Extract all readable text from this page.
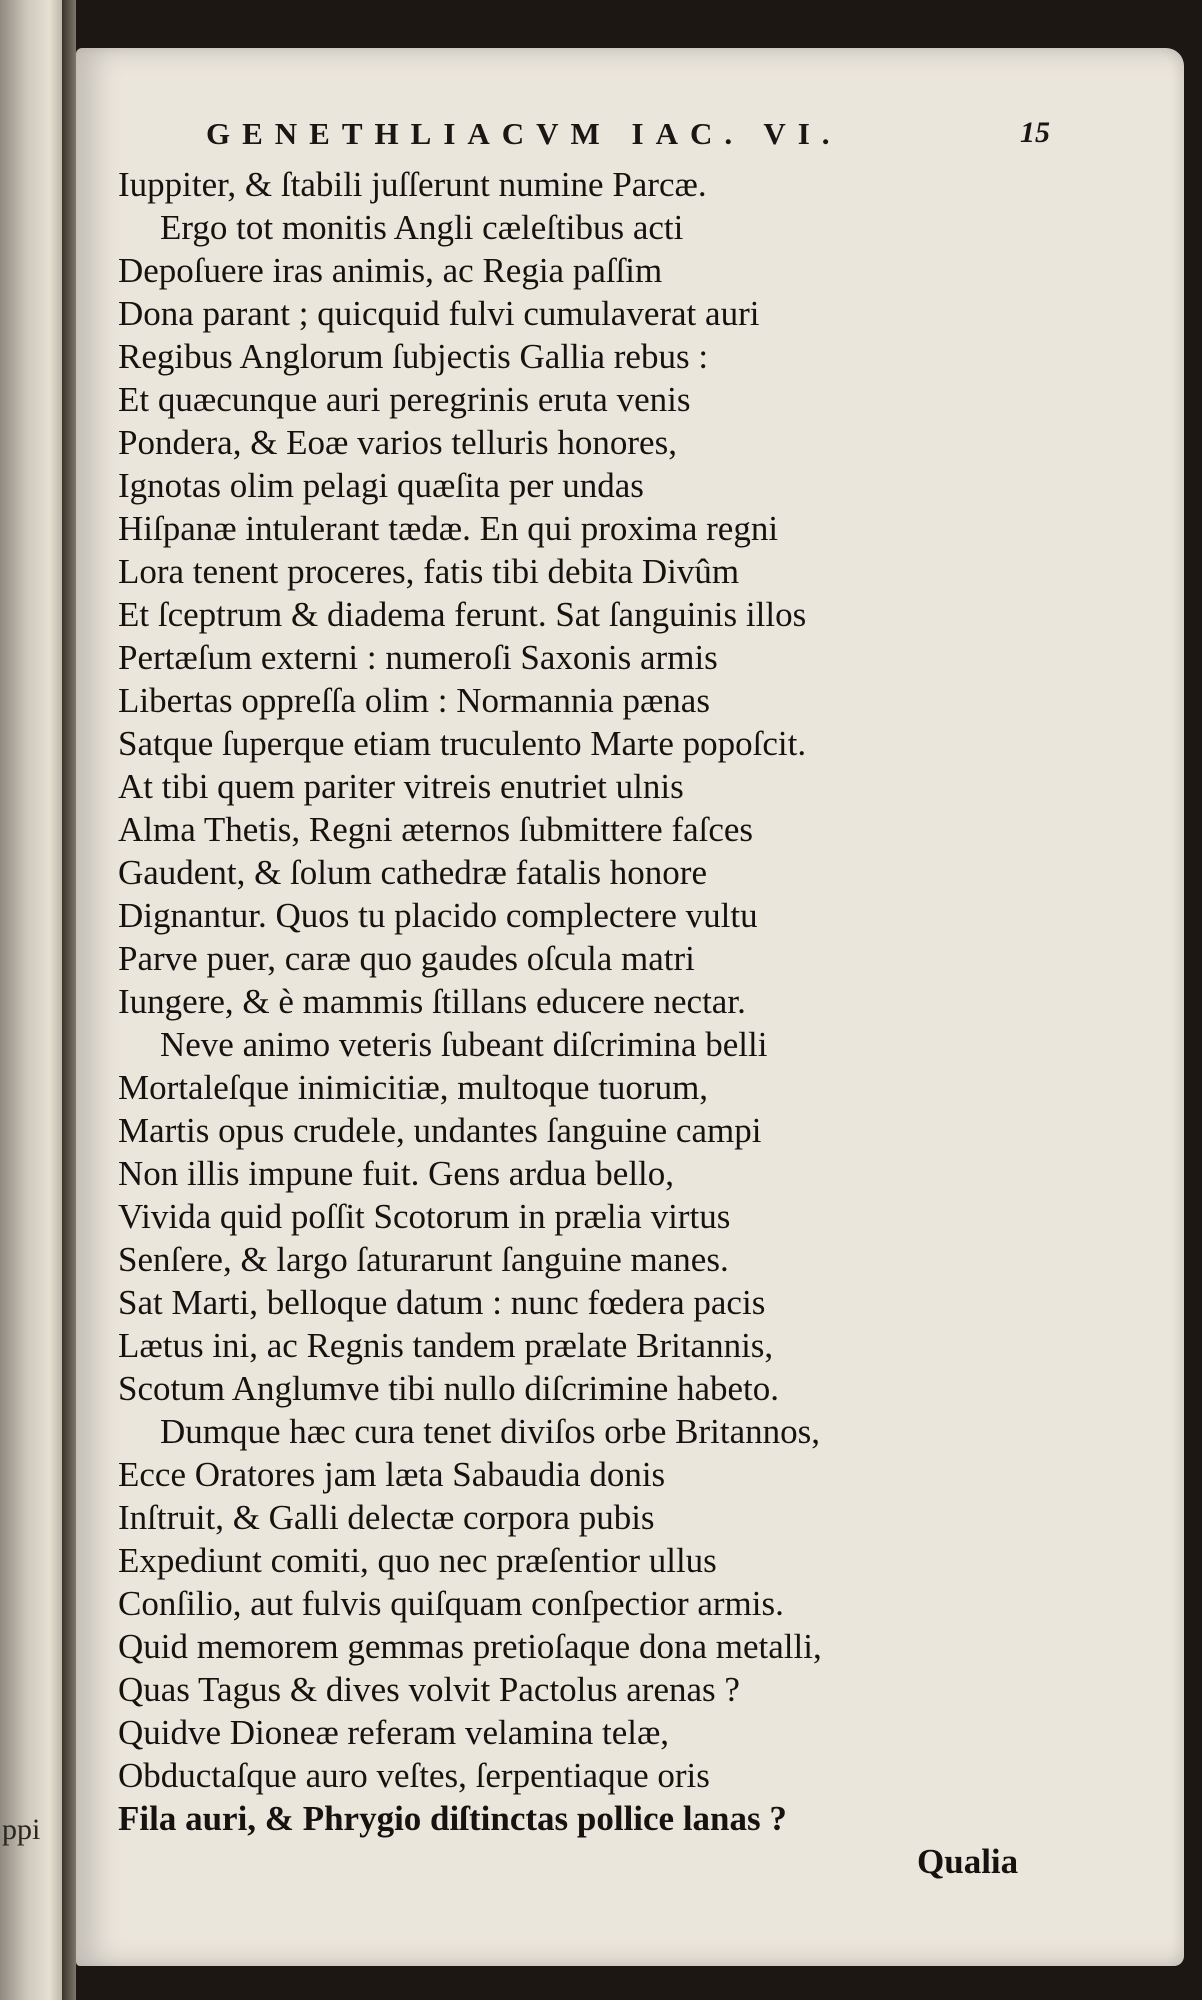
ppi
GENETHLIACVM IAC. VI.	15
Iuppiter, & ſtabili juſſerunt numine Parcæ.
Ergo tot monitis Angli cæleſtibus acti
Depoſuere iras animis, ac Regia paſſim
Dona parant ; quicquid fulvi cumulaverat auri
Regibus Anglorum ſubjectis Gallia rebus :
Et quæcunque auri peregrinis eruta venis
Pondera, & Eoæ varios telluris honores,
Ignotas olim pelagi quæſita per undas
Hiſpanæ intulerant tædæ. En qui proxima regni
Lora tenent proceres, fatis tibi debita Divûm
Et ſceptrum & diadema ferunt. Sat ſanguinis illos
Pertæſum externi : numeroſi Saxonis armis
Libertas oppreſſa olim : Normannia pænas
Satque ſuperque etiam truculento Marte popoſcit.
At tibi quem pariter vitreis enutriet ulnis
Alma Thetis, Regni æternos ſubmittere faſces
Gaudent, & ſolum cathedræ fatalis honore
Dignantur. Quos tu placido complectere vultu
Parve puer, caræ quo gaudes oſcula matri
Iungere, & è mammis ſtillans educere nectar.
Neve animo veteris ſubeant diſcrimina belli
Mortaleſque inimicitiæ, multoque tuorum,
Martis opus crudele, undantes ſanguine campi
Non illis impune fuit. Gens ardua bello,
Vivida quid poſſit Scotorum in prælia virtus
Senſere, & largo ſaturarunt ſanguine manes.
Sat Marti, belloque datum : nunc fœdera pacis
Lætus ini, ac Regnis tandem prælate Britannis,
Scotum Anglumve tibi nullo diſcrimine habeto.
Dumque hæc cura tenet diviſos orbe Britannos,
Ecce Oratores jam læta Sabaudia donis
Inſtruit, & Galli delectæ corpora pubis
Expediunt comiti, quo nec præſentior ullus
Conſilio, aut fulvis quiſquam conſpectior armis.
Quid memorem gemmas pretioſaque dona metalli,
Quas Tagus & dives volvit Pactolus arenas ?
Quidve Dioneæ referam velamina telæ,
Obductaſque auro veſtes, ſerpentiaque oris
Fila auri, & Phrygio diſtinctas pollice lanas ?
Qualia
